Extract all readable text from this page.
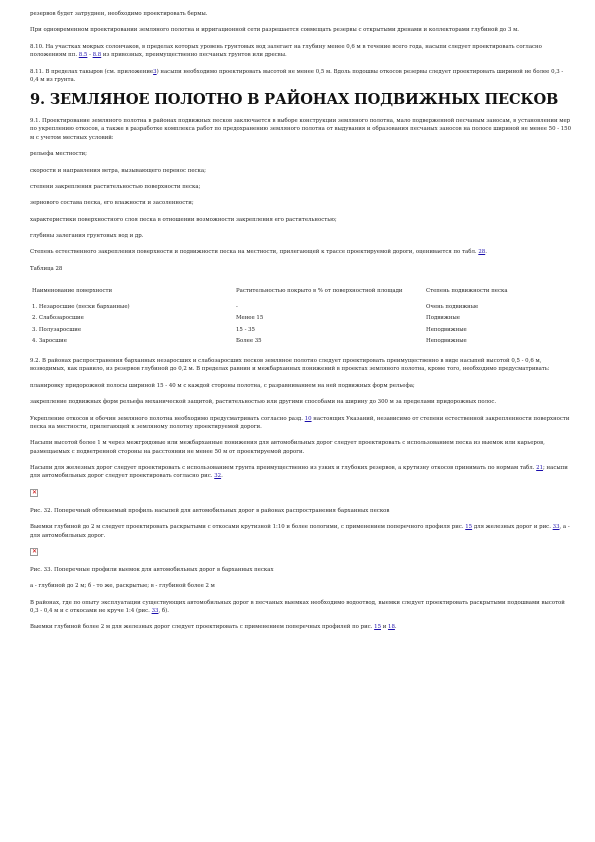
резервов будет затруднен, необходимо проектировать бермы.

При одновременном проектировании земляного полотна и ирригационной сети разрешается совмещать резервы с открытыми дренами и коллекторами глубиной до 3 м.

8.10. На участках мокрых солончаков, в пределах которых уровень грунтовых вод залегает на глубину менее 0,6 м в течение всего года, насыпи следует проектировать согласно положениям пп. 8.5 - 8.8 из привозных, преимущественно песчаных грунтов или дресвы.

8.11. В пределах такыров (см. приложение3) насыпи необходимо проектировать высотой не менее 0,5 м. Вдоль подошвы откосов резервы следует проектировать шириной не более 0,3 - 0,4 м из грунта.

9. ЗЕМЛЯНОЕ ПОЛОТНО В РАЙОНАХ ПОДВИЖНЫХ ПЕСКОВ

9.1. Проектирование земляного полотна в районах подвижных песков заключается в выборе конструкции земляного полотна, мало подверженной песчаным заносам, в установлении мер по укреплению откосов, а также в разработке комплекса работ по предохранению земляного полотна от выдувания и образования песчаных заносов на полосе шириной не менее 50 - 150 м с учетом местных условий:

рельефа местности;

скорости и направления ветра, вызывающего перенос песка;

степени закрепления растительностью поверхности песка;

зернового состава песка, его влажности и засоленности;

характеристики поверхностного слоя песка в отношении возможности закрепления его растительностью;

глубины залегания грунтовых вод и др.

Степень естественного закрепления поверхности и подвижности песка на местности, прилегающей к трассе проектируемой дороги, оценивается по табл. 28.

Таблица 28
Наименование поверхности	Растительностью покрыто в % от поверхностной площади	Степень подвижности песка
1. Незаросшие (пески барханные)	-	Очень подвижные
2. Слабозаросшие	Менее 15	Подвижные
3. Полузаросшие	15 - 35	Неподвижные
4. Заросшие	Более 35	Неподвижные

9.2. В районах распространения барханных незаросших и слабозаросших песков земляное полотно следует проектировать преимущественно в виде насыпей высотой 0,5 - 0,6 м, возводимых, как правило, из резервов глубиной до 0,2 м. В пределах равнин и межбарханных понижений в проектах земляного полотна, кроме того, необходимо предусматривать:

планировку придорожной полосы шириной 15 - 40 м с каждой стороны полотна, с разравниванием на ней подвижных форм рельефа;

закрепление подвижных форм рельефа механической защитой, растительностью или другими способами на ширину до 300 м за пределами придорожных полос.

Укрепление откосов и обочин земляного полотна необходимо предусматривать согласно разд. 10 настоящих Указаний, независимо от степени естественной закрепленности поверхности песка на местности, прилегающей к земляному полотну проектируемой дороги.

Насыпи высотой более 1 м через межгрядовые или межбарханные понижения для автомобильных дорог следует проектировать с использованием песка из выемок или карьеров, размещаемых с подветренной стороны на расстоянии не менее 50 м от проектируемой дороги.

Насыпи для железных дорог следует проектировать с использованием грунта преимущественно из узких и глубоких резервов, а крутизну откосов принимать по нормам табл. 21; насыпи для автомобильных дорог следует проектировать согласно рис. 32.

✕

Рис. 32. Поперечный обтекаемый профиль насыпей для автомобильных дорог в районах распространения барханных песков

Выемки глубиной до 2 м следует проектировать раскрытыми с откосами крутизной 1:10 и более пологими, с применением поперечного профиля рис. 15 для железных дорог и рис. 33, а - для автомобильных дорог.

✕

Рис. 33. Поперечные профили выемок для автомобильных дорог в барханных песках

а - глубиной до 2 м; б - то же, раскрытые; в - глубиной более 2 м

В районах, где по опыту эксплуатации существующих автомобильных дорог в песчаных выемках необходимо водоотвод, выемки следует проектировать раскрытыми подошвами высотой 0,3 - 0,4 м и с откосами не круче 1:4 (рис. 33, б).

Выемки глубиной более 2 м для железных дорог следует проектировать с применением поперечных профилей по рис. 15 и 18.
